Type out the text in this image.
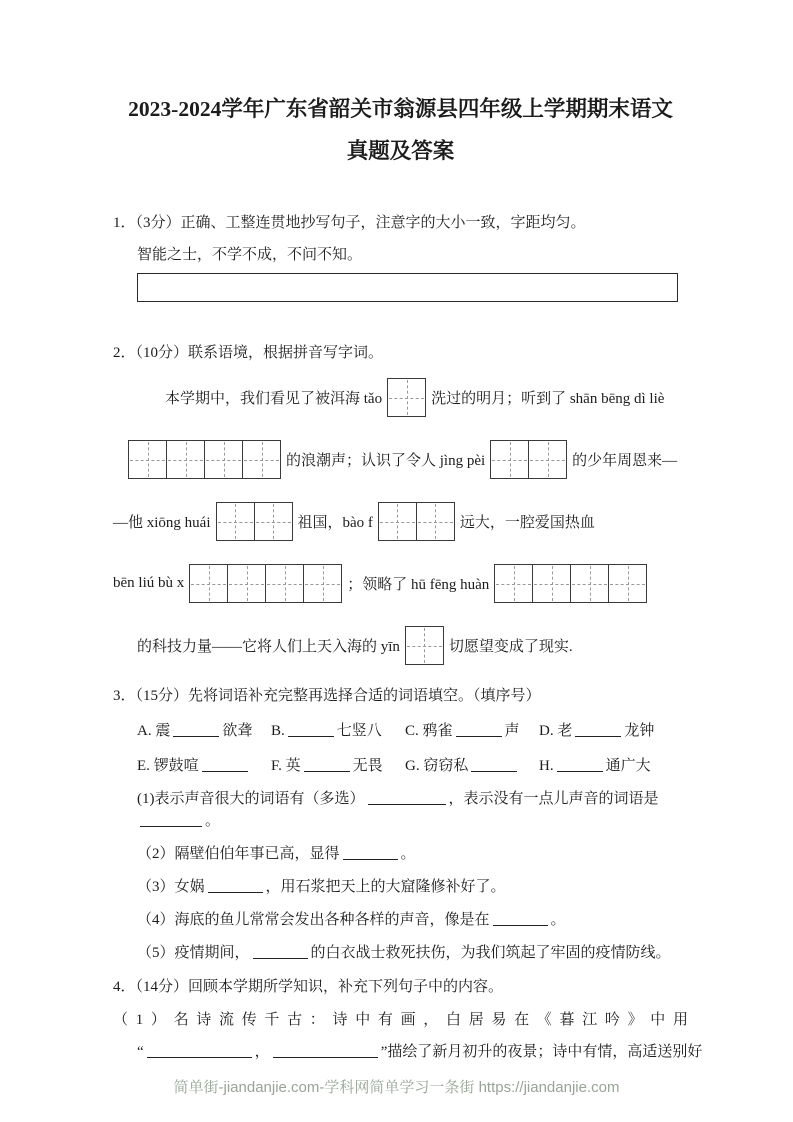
2023-2024学年广东省韶关市翁源县四年级上学期期末语文
真题及答案

1．（3分）正确、工整连贯地抄写句子，注意字的大小一致，字距均匀。

智能之士，不学不成，不问不知。

2．（10分）联系语境，根据拼音写字词。

本学期中，我们看见了被洱海 tǎo	洗过的明月；听到了 shān bēng dì liè
的浪潮声；认识了令人 jìng pèi	的少年周恩来—
—他 xiōng huái	祖国，bào f	远大，一腔爱国热血
bēn liú bù x	；领略了 hū fēng huàn
的科技力量——它将人们上天入海的 yīn	切愿望变成了现实.

3．（15分）先将词语补充完整再选择合适的词语填空。（填序号）

A. 震	欲聋	B.	七竖八	C. 鸦雀	声	D. 老	龙钟
E. 锣鼓喧	F. 英	无畏	G. 窃窃私	H.	通广大

(1)表示声音很大的词语有（多选）	，表示没有一点儿声音的词语是。

（2）隔壁伯伯年事已高，显得	。

（3）女娲	，用石浆把天上的大窟隆修补好了。

（4）海底的鱼儿常常会发出各种各样的声音，像是在	。

（5）疫情期间，	的白衣战士救死扶伤，为我们筑起了牢固的疫情防线。

4．（14分）回顾本学期所学知识，补充下列句子中的内容。

（1）名诗流传千古：诗中有画，白居易在《暮江吟》中用

“	，	”描绘了新月初升的夜景；诗中有情，高适送别好

简单街-jiandanjie.com-学科网简单学习一条街 https://jiandanjie.com
